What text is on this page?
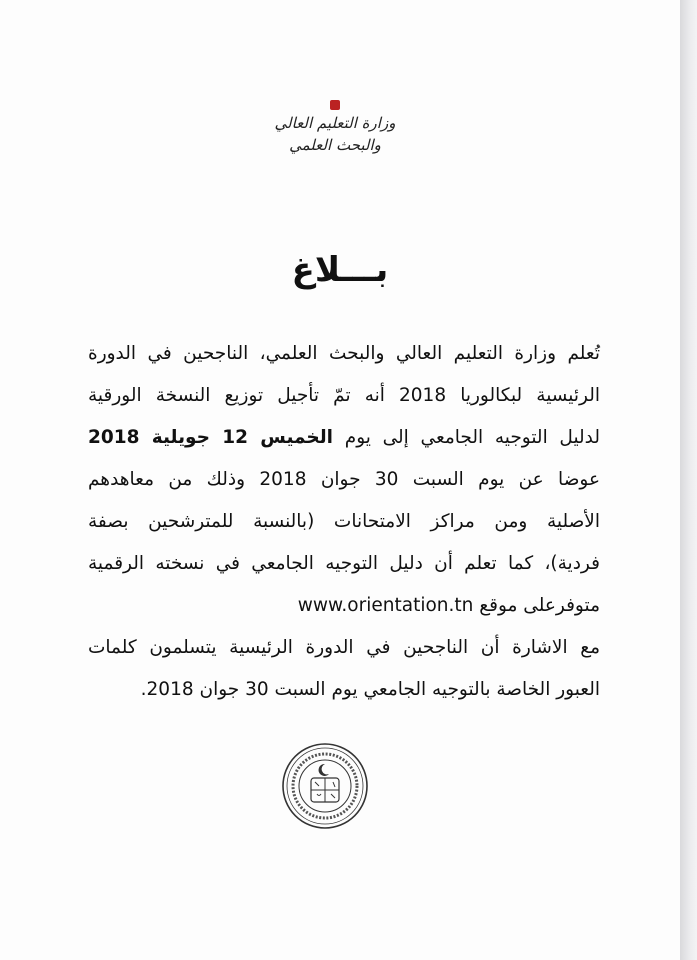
وزارة التعليم العالي
والبحث العلمي
بـــلاغ
تُعلم وزارة التعليم العالي والبحث العلمي، الناجحين في الدورة
الرئيسية لبكالوريا 2018 أنه تمّ تأجيل توزيع النسخة الورقية
لدليل التوجيه الجامعي إلى يوم الخميس 12 جويلية 2018
عوضا عن يوم السبت 30 جوان 2018 وذلك من معاهدهم
الأصلية ومن مراكز الامتحانات (بالنسبة للمترشحين بصفة
فردية)، كما تعلم أن دليل التوجيه الجامعي في نسخته الرقمية
متوفرعلى موقع www.orientation.tn
مع الاشارة أن الناجحين في الدورة الرئيسية يتسلمون كلمات
العبور الخاصة بالتوجيه الجامعي يوم السبت 30 جوان 2018.
